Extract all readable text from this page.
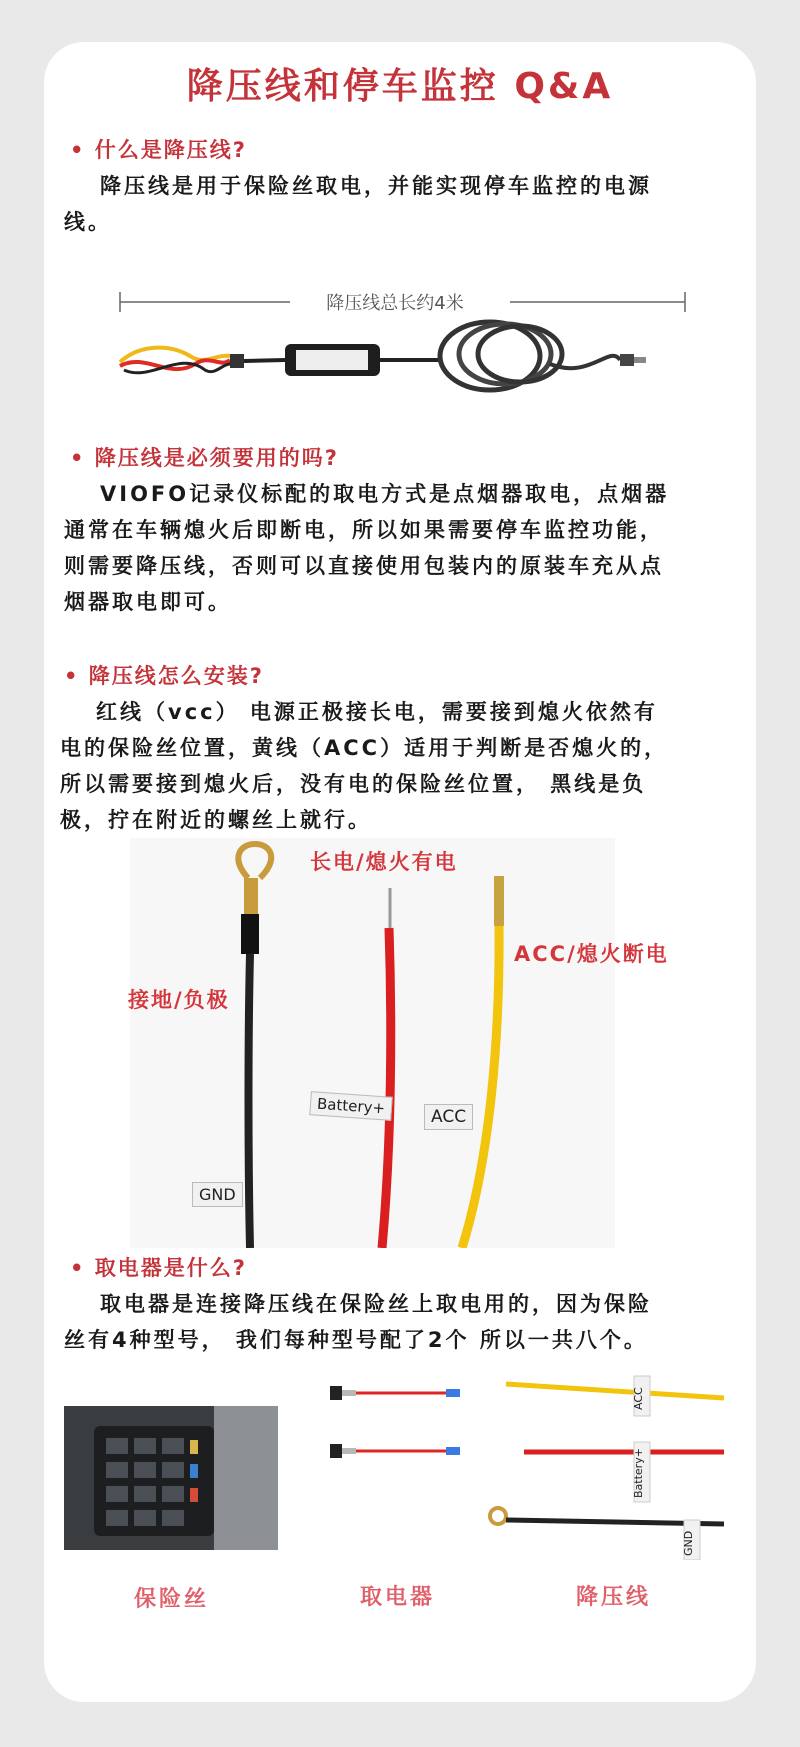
降压线和停车监控 Q&A
• 什么是降压线?
降压线是用于保险丝取电，并能实现停车监控的电源
线。
降压线总长约4米
• 降压线是必须要用的吗?
VIOFO记录仪标配的取电方式是点烟器取电，点烟器
通常在车辆熄火后即断电，所以如果需要停车监控功能，
则需要降压线，否则可以直接使用包装内的原装车充从点
烟器取电即可。
• 降压线怎么安装?
红线（vcc） 电源正极接长电，需要接到熄火依然有
电的保险丝位置，黄线（ACC）适用于判断是否熄火的，
所以需要接到熄火后，没有电的保险丝位置， 黑线是负
极，拧在附近的螺丝上就行。
Battery+	ACC
GND
长电/熄火有电
ACC/熄火断电
接地/负极
• 取电器是什么?
取电器是连接降压线在保险丝上取电用的，因为保险
丝有4种型号， 我们每种型号配了2个 所以一共八个。
ACC
Battery+
GND
保险丝	取电器	降压线
